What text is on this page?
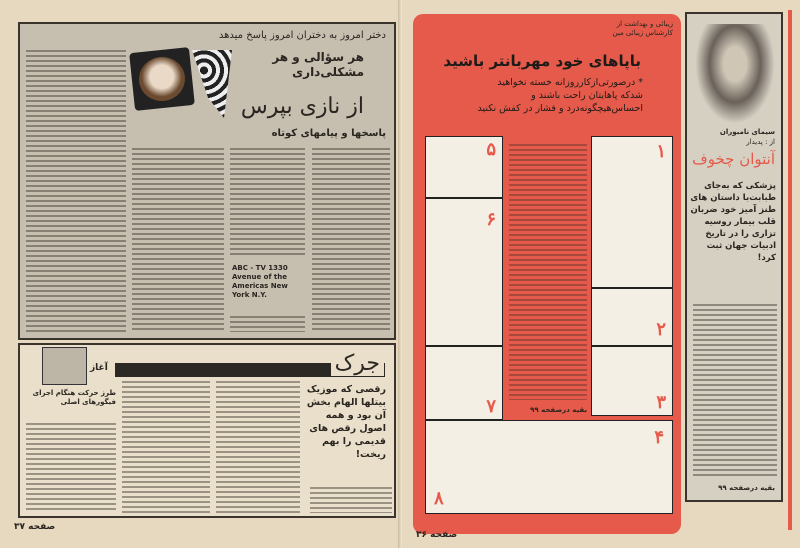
دختر امروز به دختران امروز پاسخ میدهد
هر سؤالی و هر مشکلی‌داری
از نازی بپرس
پاسخها و پیامهای کوتاه
ABC - TV 1330 Avenue of the Americas New York N.Y.
جرک
آغاز
طرز حرکت هنگام اجرای فیگورهای اصلی
رقصی که موزیک بیتلها الهام بخش آن بود و همه اصول رقص های قدیمی را بهم ریخت!
صفحه ۳۷
زیبائی و بهداشت از کارشناس زیبائی مین
باپاهای خود مهربانتر باشید
* درصورتی‌ازکارروزانه خسته نخواهید شدکه پاهایتان راحت باشند و احساس‌هیچگونه‌درد و فشار در کفش نکنید
۵
۶
۷	بقیه درصفحه ۹۹
۱
۲
۳
۸
۴
صفحه ۳۶
سیمای نامبوران
از : پدیدار
آنتوان چخوف
پزشکی که به‌جای طبابت‌با داستان های طنز آمیز خود ضربان قلب بیمار روسیه تزاری را در تاریخ ادبیات جهان ثبت کرد!
بقیه درصفحه ۹۹
